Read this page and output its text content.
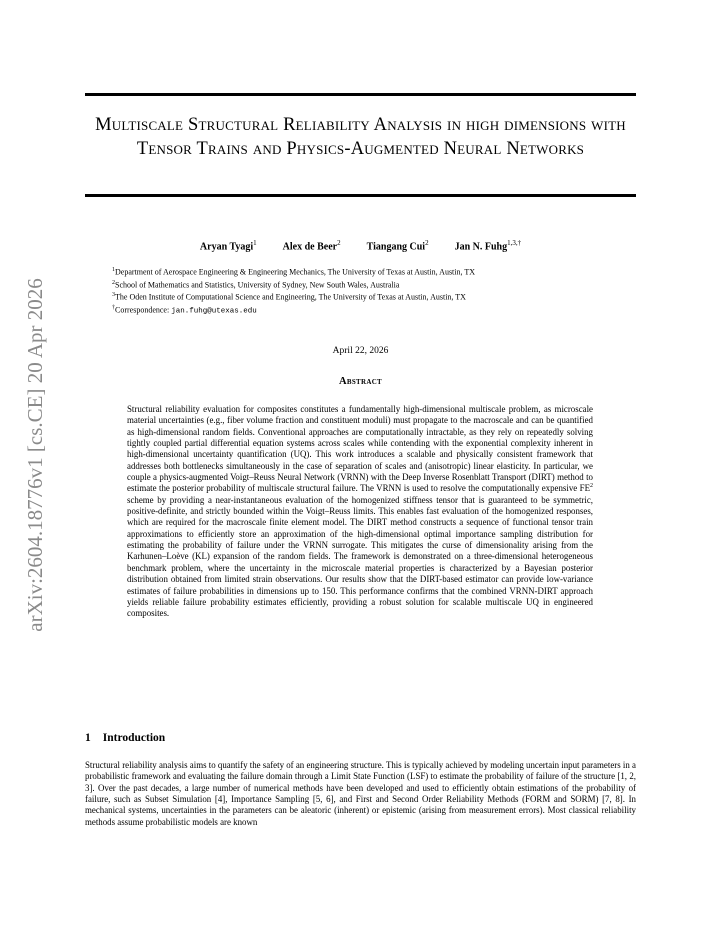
arXiv:2604.18776v1 [cs.CE] 20 Apr 2026
Multiscale Structural Reliability Analysis in high dimensions with Tensor Trains and Physics-Augmented Neural Networks
Aryan Tyagi$^1$	Alex de Beer$^2$	Tiangang Cui$^2$	Jan N. Fuhg$^{1,3,\dagger}$
$^1$Department of Aerospace Engineering & Engineering Mechanics, The University of Texas at Austin, Austin, TX
$^2$School of Mathematics and Statistics, University of Sydney, New South Wales, Australia
$^3$The Oden Institute of Computational Science and Engineering, The University of Texas at Austin, Austin, TX
†Correspondence: jan.fuhg@utexas.edu
April 22, 2026
Abstract
Structural reliability evaluation for composites constitutes a fundamentally high-dimensional multiscale problem, as microscale material uncertainties (e.g., fiber volume fraction and constituent moduli) must propagate to the macroscale and can be quantified as high-dimensional random fields. Conventional approaches are computationally intractable, as they rely on repeatedly solving tightly coupled partial differential equation systems across scales while contending with the exponential complexity inherent in high-dimensional uncertainty quantification (UQ). This work introduces a scalable and physically consistent framework that addresses both bottlenecks simultaneously in the case of separation of scales and (anisotropic) linear elasticity. In particular, we couple a physics-augmented Voigt–Reuss Neural Network (VRNN) with the Deep Inverse Rosenblatt Transport (DIRT) method to estimate the posterior probability of multiscale structural failure. The VRNN is used to resolve the computationally expensive $FE^2$ scheme by providing a near-instantaneous evaluation of the homogenized stiffness tensor that is guaranteed to be symmetric, positive-definite, and strictly bounded within the Voigt–Reuss limits. This enables fast evaluation of the homogenized responses, which are required for the macroscale finite element model. The DIRT method constructs a sequence of functional tensor train approximations to efficiently store an approximation of the high-dimensional optimal importance sampling distribution for estimating the probability of failure under the VRNN surrogate. This mitigates the curse of dimensionality arising from the Karhunen–Loève (KL) expansion of the random fields. The framework is demonstrated on a three-dimensional heterogeneous benchmark problem, where the uncertainty in the microscale material properties is characterized by a Bayesian posterior distribution obtained from limited strain observations. Our results show that the DIRT-based estimator can provide low-variance estimates of failure probabilities in dimensions up to 150. This performance confirms that the combined VRNN-DIRT approach yields reliable failure probability estimates efficiently, providing a robust solution for scalable multiscale UQ in engineered composites.
1 Introduction
Structural reliability analysis aims to quantify the safety of an engineering structure. This is typically achieved by modeling uncertain input parameters in a probabilistic framework and evaluating the failure domain through a Limit State Function (LSF) to estimate the probability of failure of the structure [1, 2, 3]. Over the past decades, a large number of numerical methods have been developed and used to efficiently obtain estimations of the probability of failure, such as Subset Simulation [4], Importance Sampling [5, 6], and First and Second Order Reliability Methods (FORM and SORM) [7, 8]. In mechanical systems, uncertainties in the parameters can be aleatoric (inherent) or epistemic (arising from measurement errors). Most classical reliability methods assume probabilistic models are known
